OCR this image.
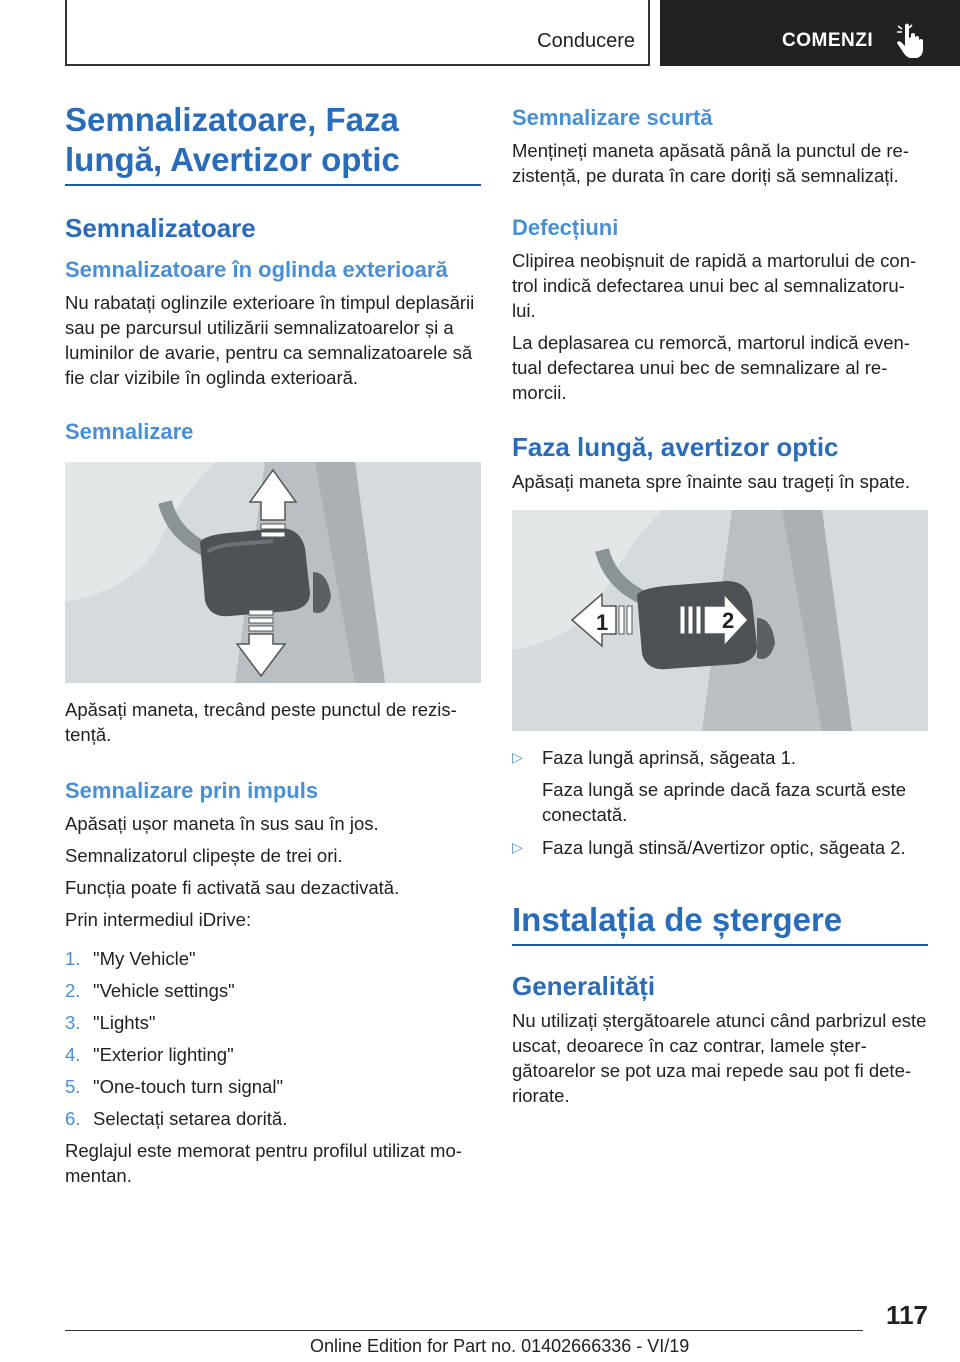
Conducere	COMENZI
Semnalizatoare, Faza lungă, Avertizor optic
Semnalizatoare
Semnalizatoare în oglinda exterioară

Nu rabatați oglinzile exterioare în timpul deplasării sau pe parcursul utilizării semnalizatoarelor și a luminilor de avarie, pentru ca semnalizatoarele să fie clar vizibile în oglinda exterioară.

Semnalizare

Apăsați maneta, trecând peste punctul de rezis‐tență.

Semnalizare prin impuls

Apăsați ușor maneta în sus sau în jos.

Semnalizatorul clipește de trei ori.

Funcția poate fi activată sau dezactivată.

Prin intermediul iDrive:

1. "My Vehicle"
2. "Vehicle settings"
3. "Lights"
4. "Exterior lighting"
5. "One-touch turn signal"
6. Selectați setarea dorită.

Reglajul este memorat pentru profilul utilizat mo‐mentan.

Semnalizare scurtă

Mențineți maneta apăsată până la punctul de re‐zistență, pe durata în care doriți să semnalizați.

Defecțiuni

Clipirea neobișnuit de rapidă a martorului de con‐trol indică defectarea unui bec al semnalizatoru‐lui.

La deplasarea cu remorcă, martorul indică even‐tual defectarea unui bec de semnalizare al re‐morcii.

Faza lungă, avertizor optic

Apăsați maneta spre înainte sau trageți în spate.

1	2
▷ Faza lungă aprinsă, săgeata 1.
Faza lungă se aprinde dacă faza scurtă este conectată.
▷ Faza lungă stinsă/Avertizor optic, săgeata 2.
Instalația de ștergere
Generalități

Nu utilizați ștergătoarele atunci când parbrizul este uscat, deoarece în caz contrar, lamele șter‐gătoarelor se pot uza mai repede sau pot fi dete‐riorate.

117
Online Edition for Part no. 01402666336 - VI/19
